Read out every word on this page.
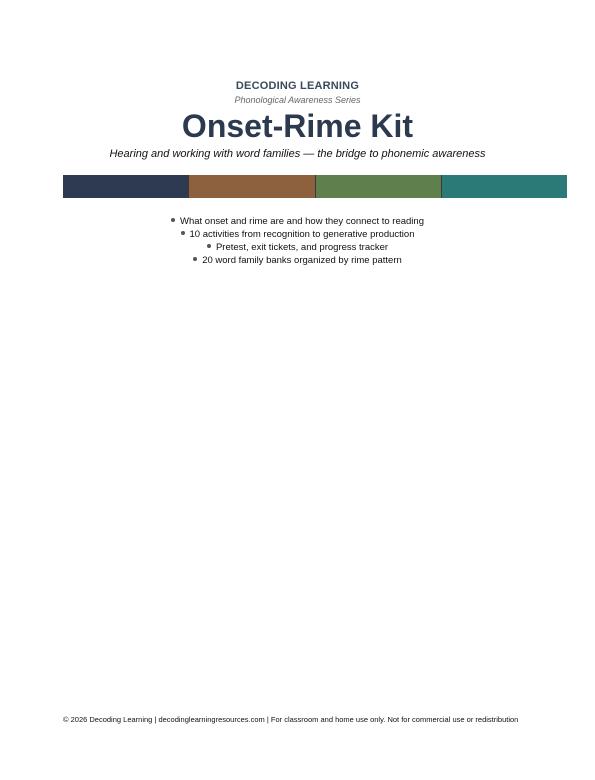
DECODING LEARNING
Phonological Awareness Series
Onset-Rime Kit
Hearing and working with word families — the bridge to phonemic awareness
What onset and rime are and how they connect to reading
10 activities from recognition to generative production
Pretest, exit tickets, and progress tracker
20 word family banks organized by rime pattern
© 2026 Decoding Learning | decodinglearningresources.com | For classroom and home use only. Not for commercial use or redistribution
